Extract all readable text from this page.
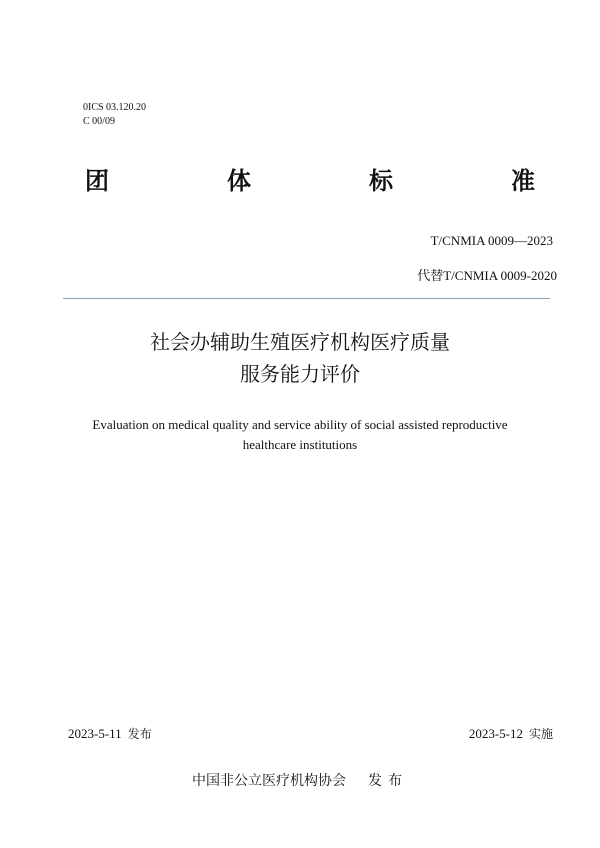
0ICS 03.120.20
C 00/09
团	体	标	准
T/CNMIA 0009—2023
代替T/CNMIA 0009-2020
社会办辅助生殖医疗机构医疗质量
服务能力评价
Evaluation on medical quality and service ability of social assisted reproductive
healthcare institutions
2023-5-11 发布	2023-5-12 实施
中国非公立医疗机构协会 发布
